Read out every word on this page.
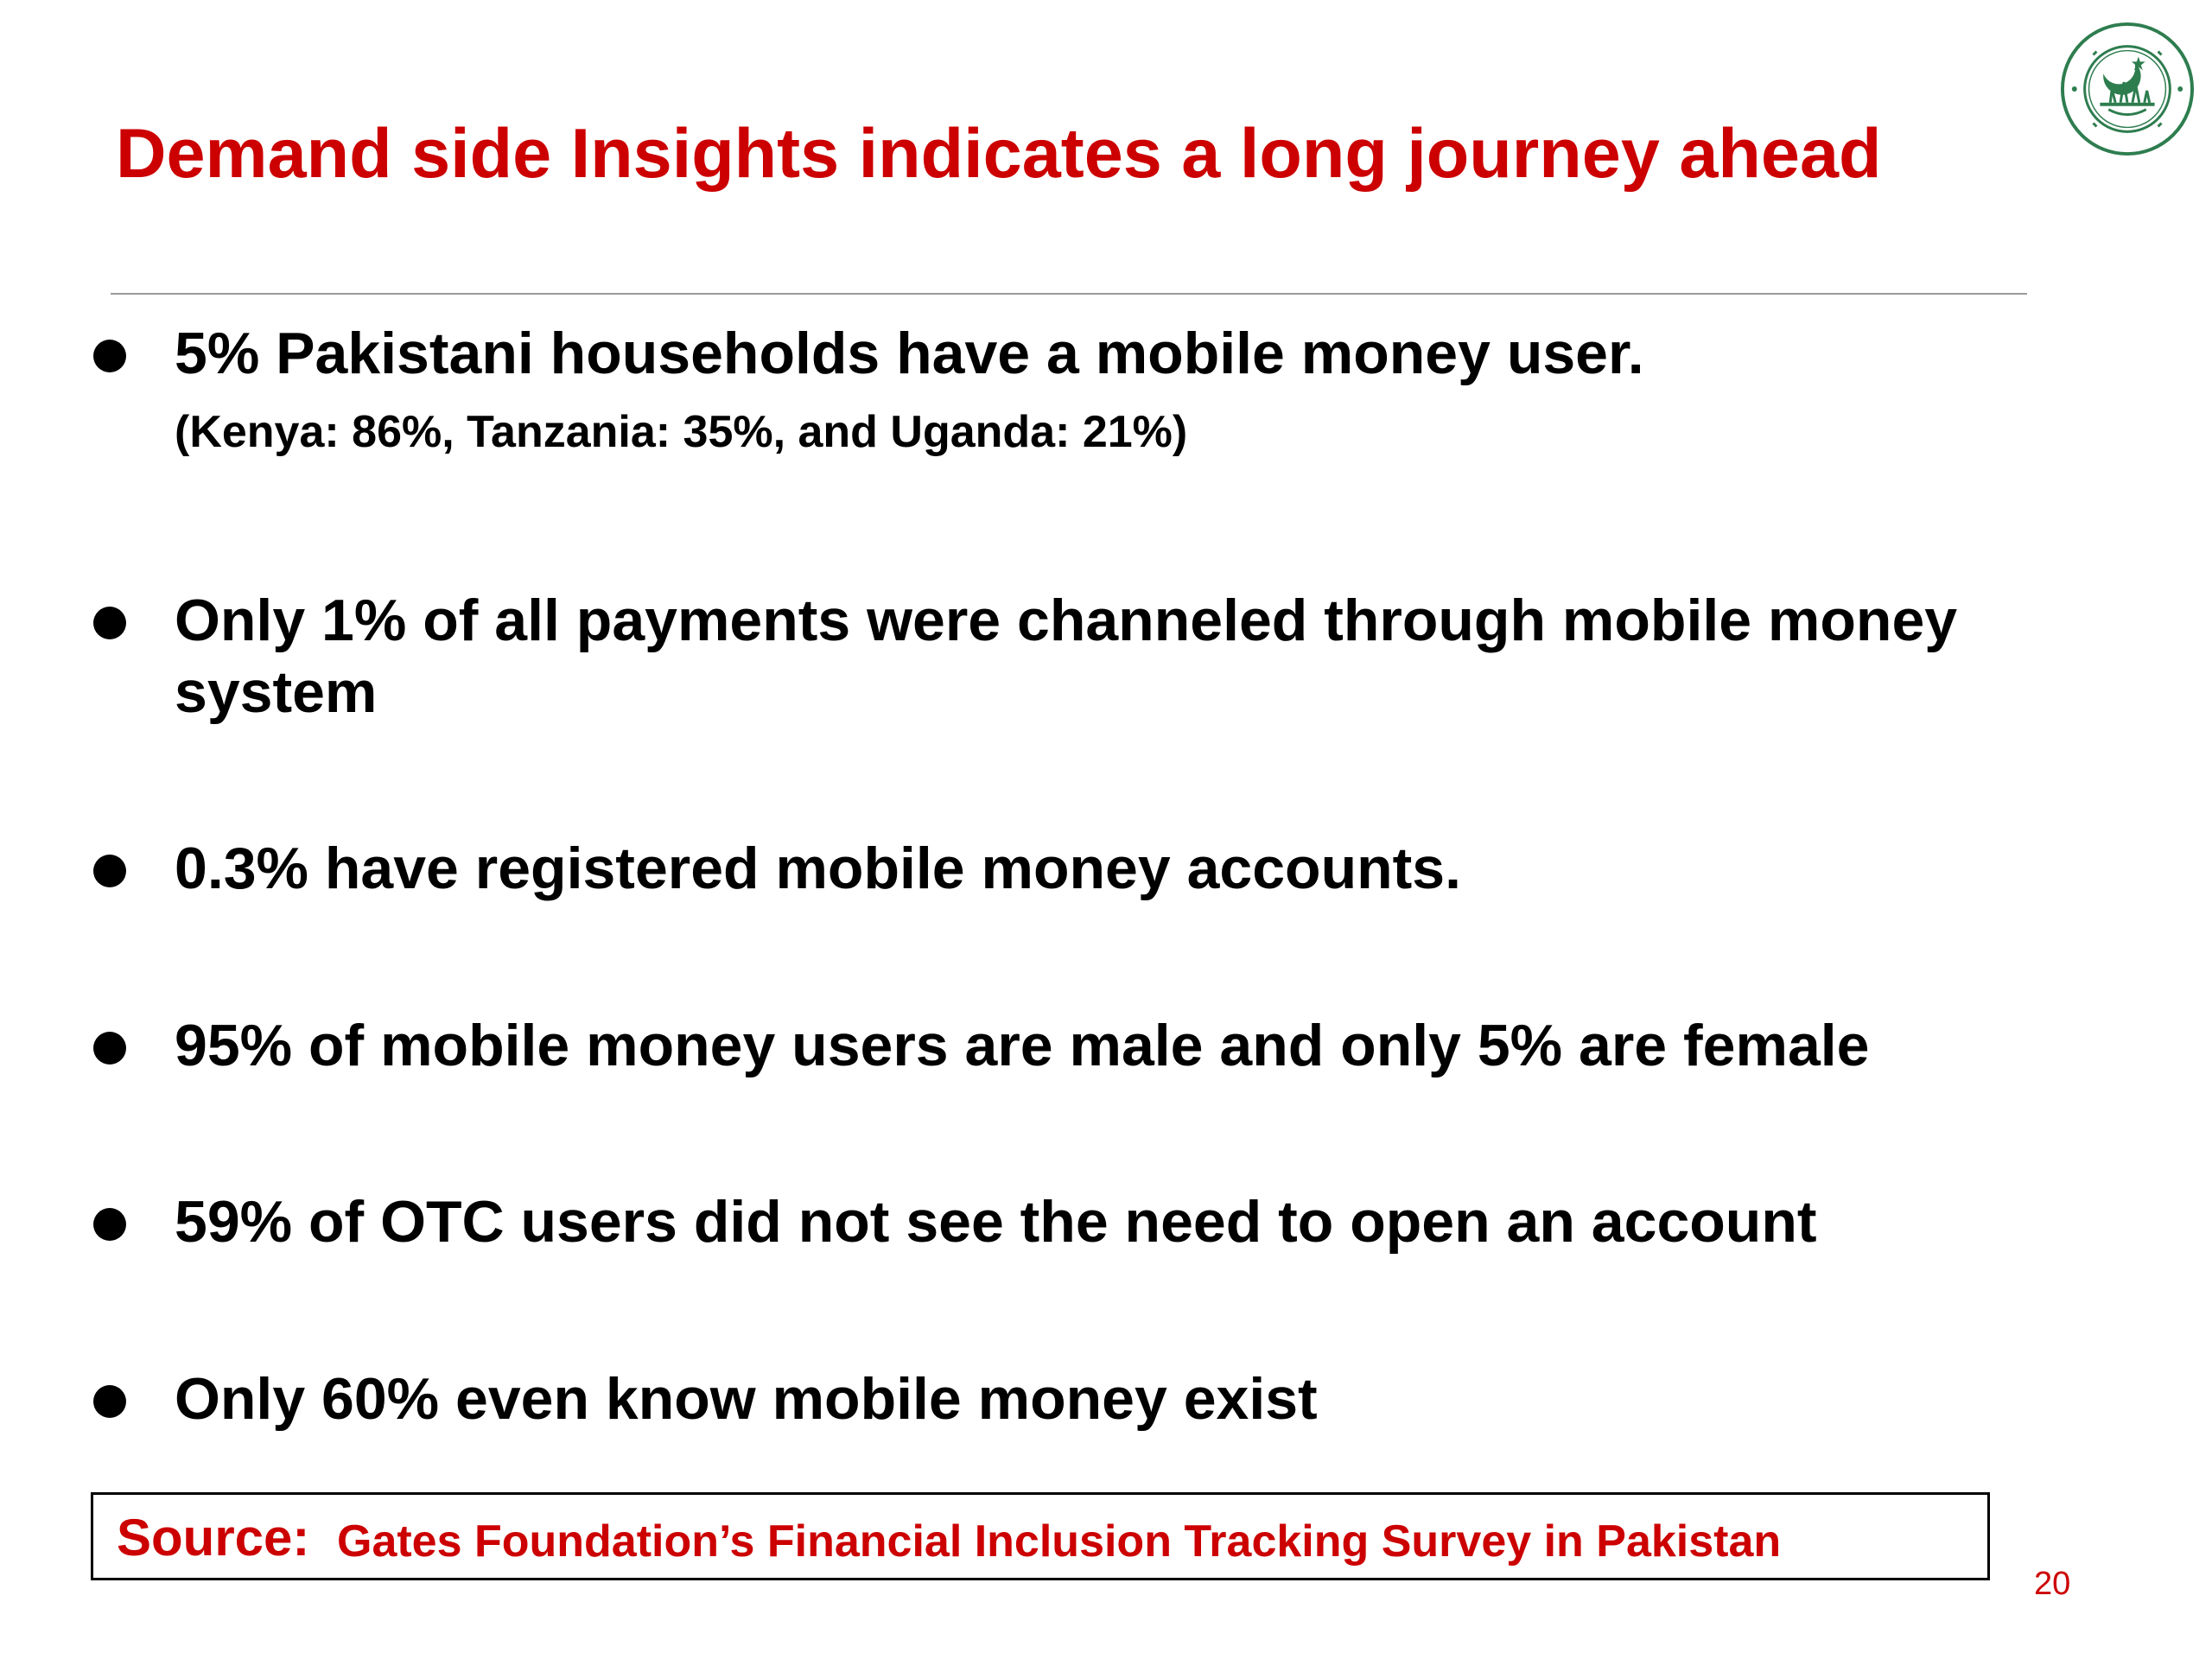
Demand side Insights indicates a long journey ahead
5% Pakistani households have a mobile money user.
(Kenya: 86%, Tanzania: 35%, and Uganda: 21%)
Only 1% of all payments were channeled through mobile money
system
0.3% have registered mobile money accounts.
95% of mobile money users are male and only 5% are female
59% of OTC users did not see the need to open an account
Only 60% even know mobile money exist
Source: Gates Foundation’s Financial Inclusion Tracking Survey in Pakistan
20
